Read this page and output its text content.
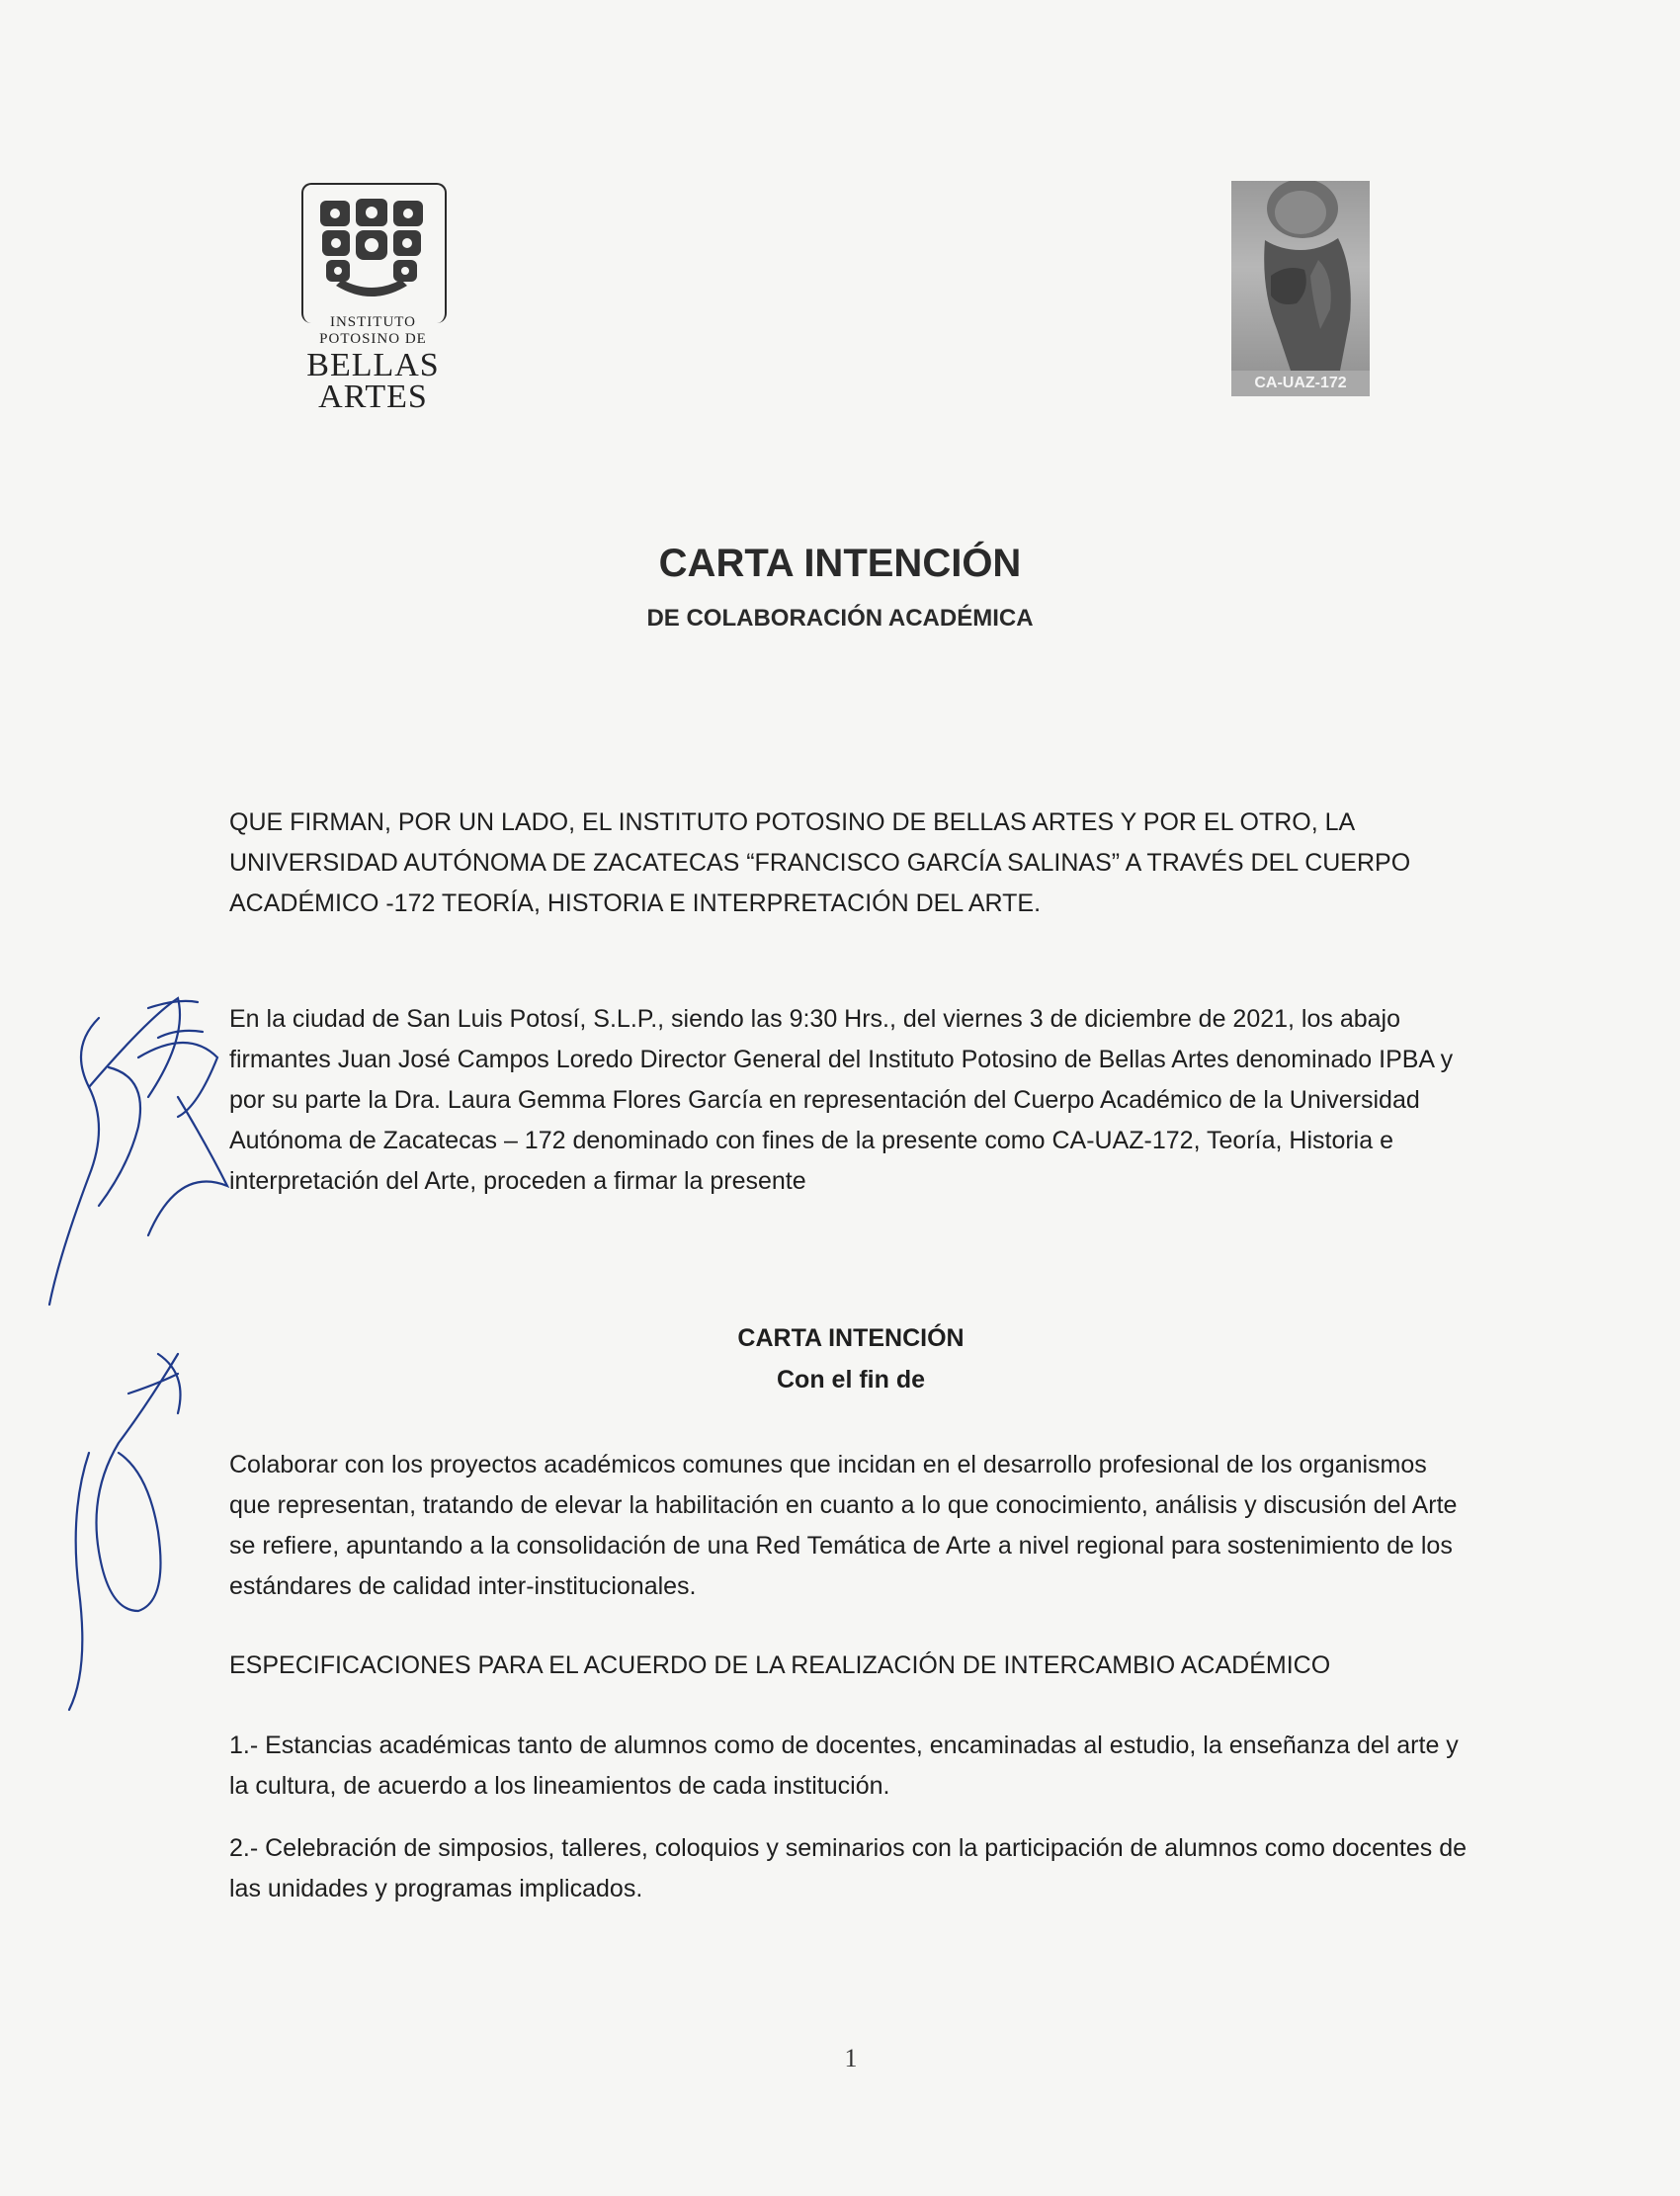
INSTITUTO
POTOSINO DE
BELLAS
ARTES	CA-UAZ-172
CARTA INTENCIÓN
DE COLABORACIÓN ACADÉMICA
QUE FIRMAN, POR UN LADO, EL INSTITUTO POTOSINO DE BELLAS ARTES Y POR EL OTRO, LA UNIVERSIDAD AUTÓNOMA DE ZACATECAS “FRANCISCO GARCÍA SALINAS” A TRAVÉS DEL CUERPO ACADÉMICO -172 TEORÍA, HISTORIA E INTERPRETACIÓN DEL ARTE.
En la ciudad de San Luis Potosí, S.L.P., siendo las 9:30 Hrs., del viernes 3 de diciembre de 2021, los abajo firmantes Juan José Campos Loredo Director General del Instituto Potosino de Bellas Artes denominado IPBA y por su parte la Dra. Laura Gemma Flores García en representación del Cuerpo Académico de la Universidad Autónoma de Zacatecas – 172 denominado con fines de la presente como CA-UAZ-172, Teoría, Historia e interpretación del Arte, proceden a firmar la presente
CARTA INTENCIÓN
Con el fin de
Colaborar con los proyectos académicos comunes que incidan en el desarrollo profesional de los organismos que representan, tratando de elevar la habilitación en cuanto a lo que conocimiento, análisis y discusión del Arte se refiere, apuntando a la consolidación de una Red Temática de Arte a nivel regional para sostenimiento de los estándares de calidad inter-institucionales.
ESPECIFICACIONES PARA EL ACUERDO DE LA REALIZACIÓN DE INTERCAMBIO ACADÉMICO
1.- Estancias académicas tanto de alumnos como de docentes, encaminadas al estudio, la enseñanza del arte y la cultura, de acuerdo a los lineamientos de cada institución.
2.- Celebración de simposios, talleres, coloquios y seminarios con la participación de alumnos como docentes de las unidades y programas implicados.
1
